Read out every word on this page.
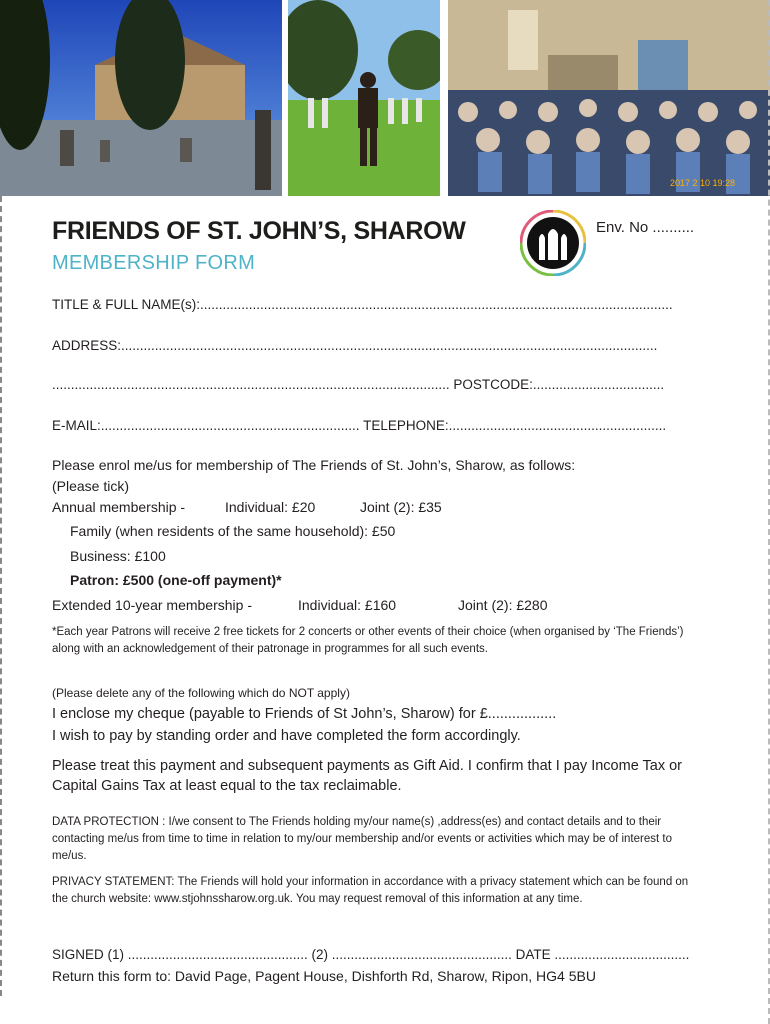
2017 2 10 19:28
FRIENDS OF ST. JOHN’S, SHAROW
MEMBERSHIP FORM
Env. No ..........
TITLE & FULL NAME(s):..............................................................................................................................
ADDRESS:...............................................................................................................................................
.......................................................................................................... POSTCODE:...................................
E-MAIL:..................................................................... TELEPHONE:..........................................................
Please enrol me/us for membership of The Friends of St. John’s, Sharow, as follows:
(Please tick)
Annual membership -	Individual: £20	Joint (2): £35
Family (when residents of the same household): £50
Business: £100
Patron: £500 (one-off payment)*
Extended 10-year membership -	Individual: £160	Joint (2): £280
*Each year Patrons will receive 2 free tickets for 2 concerts or other events of their choice (when organised by ‘The Friends’) along with an acknowledgement of their patronage in programmes for all such events.
(Please delete any of the following which do NOT apply)
I enclose my cheque (payable to Friends of St John’s, Sharow) for £.................
I wish to pay by standing order and have completed the form accordingly.
Please treat this payment and subsequent payments as Gift Aid. I confirm that I pay Income Tax or Capital Gains Tax at least equal to the tax reclaimable.
DATA PROTECTION : I/we consent to The Friends holding my/our name(s) ,address(es) and contact details and to their contacting me/us from time to time in relation to my/our membership and/or events or activities which may be of interest to me/us.
PRIVACY STATEMENT: The Friends will hold your information in accordance with a privacy statement which can be found on the church website: www.stjohnssharow.org.uk. You may request removal of this information at any time.
SIGNED (1) ................................................ (2) ................................................ DATE ....................................
Return this form to: David Page, Pagent House, Dishforth Rd, Sharow, Ripon, HG4 5BU
